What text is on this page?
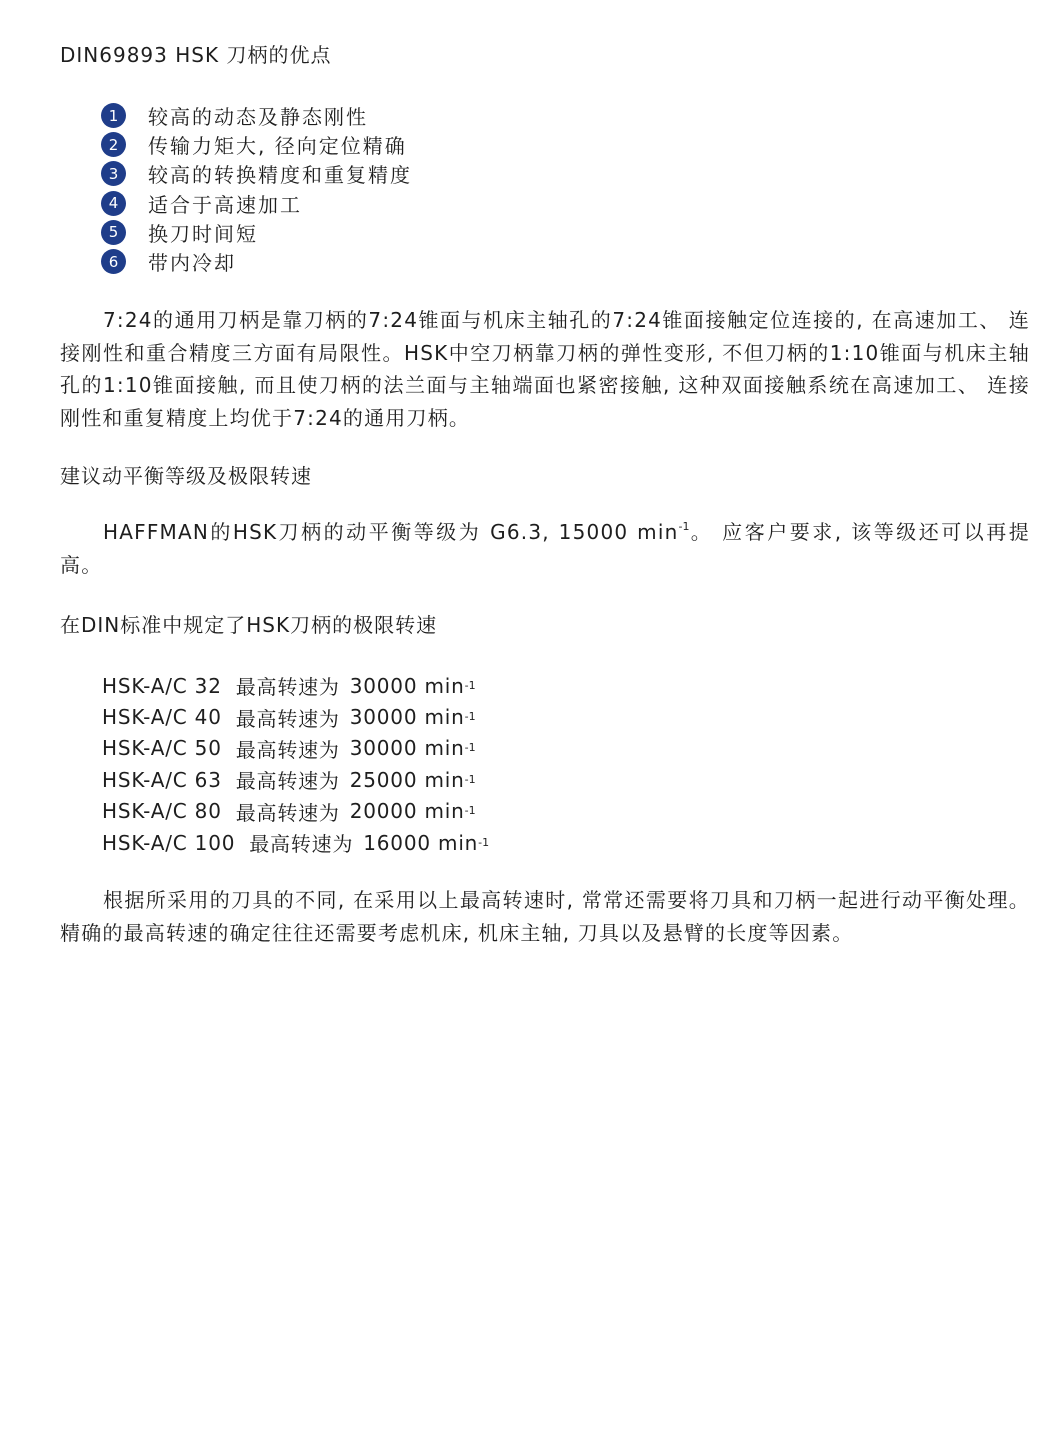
DIN69893 HSK 刀柄的优点
1	较高的动态及静态刚性
2	传输力矩大, 径向定位精确
3	较高的转换精度和重复精度
4	适合于高速加工
5	换刀时间短
6	带内冷却

7:24的通用刀柄是靠刀柄的7:24锥面与机床主轴孔的7:24锥面接触定位连接的, 在高速加工、 连接刚性和重合精度三方面有局限性。HSK中空刀柄靠刀柄的弹性变形, 不但刀柄的1:10锥面与机床主轴孔的1:10锥面接触, 而且使刀柄的法兰面与主轴端面也紧密接触, 这种双面接触系统在高速加工、 连接刚性和重复精度上均优于7:24的通用刀柄。

建议动平衡等级及极限转速

HAFFMAN的HSK刀柄的动平衡等级为 G6.3, 15000 $\min^{-1}$。 应客户要求, 该等级还可以再提高。

在DIN标准中规定了HSK刀柄的极限转速
HSK-A/C 32 最高转速为 30000 min -1
HSK-A/C 40 最高转速为 30000 min -1
HSK-A/C 50 最高转速为 30000 min -1
HSK-A/C 63 最高转速为 25000 min -1
HSK-A/C 80 最高转速为 20000 min -1
HSK-A/C 100 最高转速为 16000 min -1

根据所采用的刀具的不同, 在采用以上最高转速时, 常常还需要将刀具和刀柄一起进行动平衡处理。精确的最高转速的确定往往还需要考虑机床, 机床主轴, 刀具以及悬臂的长度等因素。
